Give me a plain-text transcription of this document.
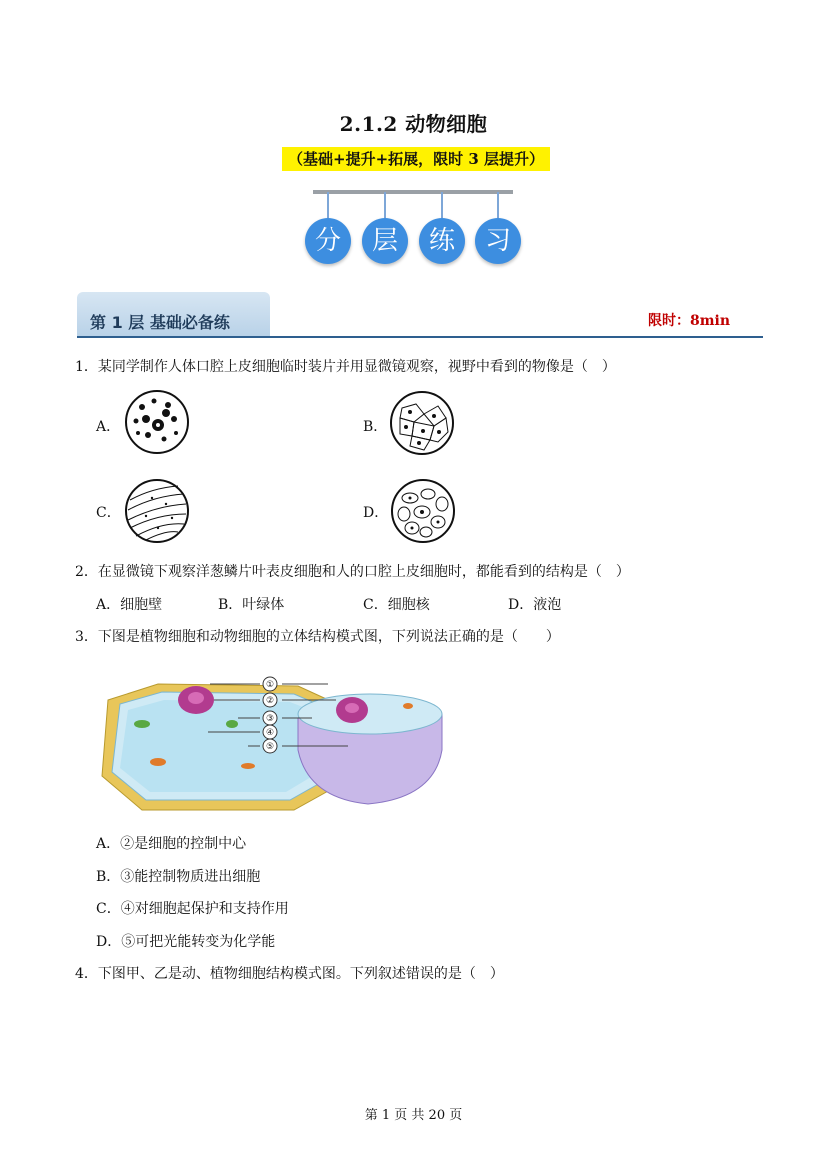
2.1.2 动物细胞
（基础+提升+拓展，限时 3 层提升）
分	层	练	习
第 1 层 基础必备练	限时：8min
1．某同学制作人体口腔上皮细胞临时装片并用显微镜观察，视野中看到的物像是（　）
A．	B．
C．	D．
2．在显微镜下观察洋葱鳞片叶表皮细胞和人的口腔上皮细胞时，都能看到的结构是（　）
A．细胞壁	B．叶绿体	C．细胞核	D．液泡
3．下图是植物细胞和动物细胞的立体结构模式图，下列说法正确的是（　　）
①
②
③
④
⑤
A．②是细胞的控制中心
B．③能控制物质进出细胞
C．④对细胞起保护和支持作用
D．⑤可把光能转变为化学能
4．下图甲、乙是动、植物细胞结构模式图。下列叙述错误的是（　）
第 1 页 共 20 页
